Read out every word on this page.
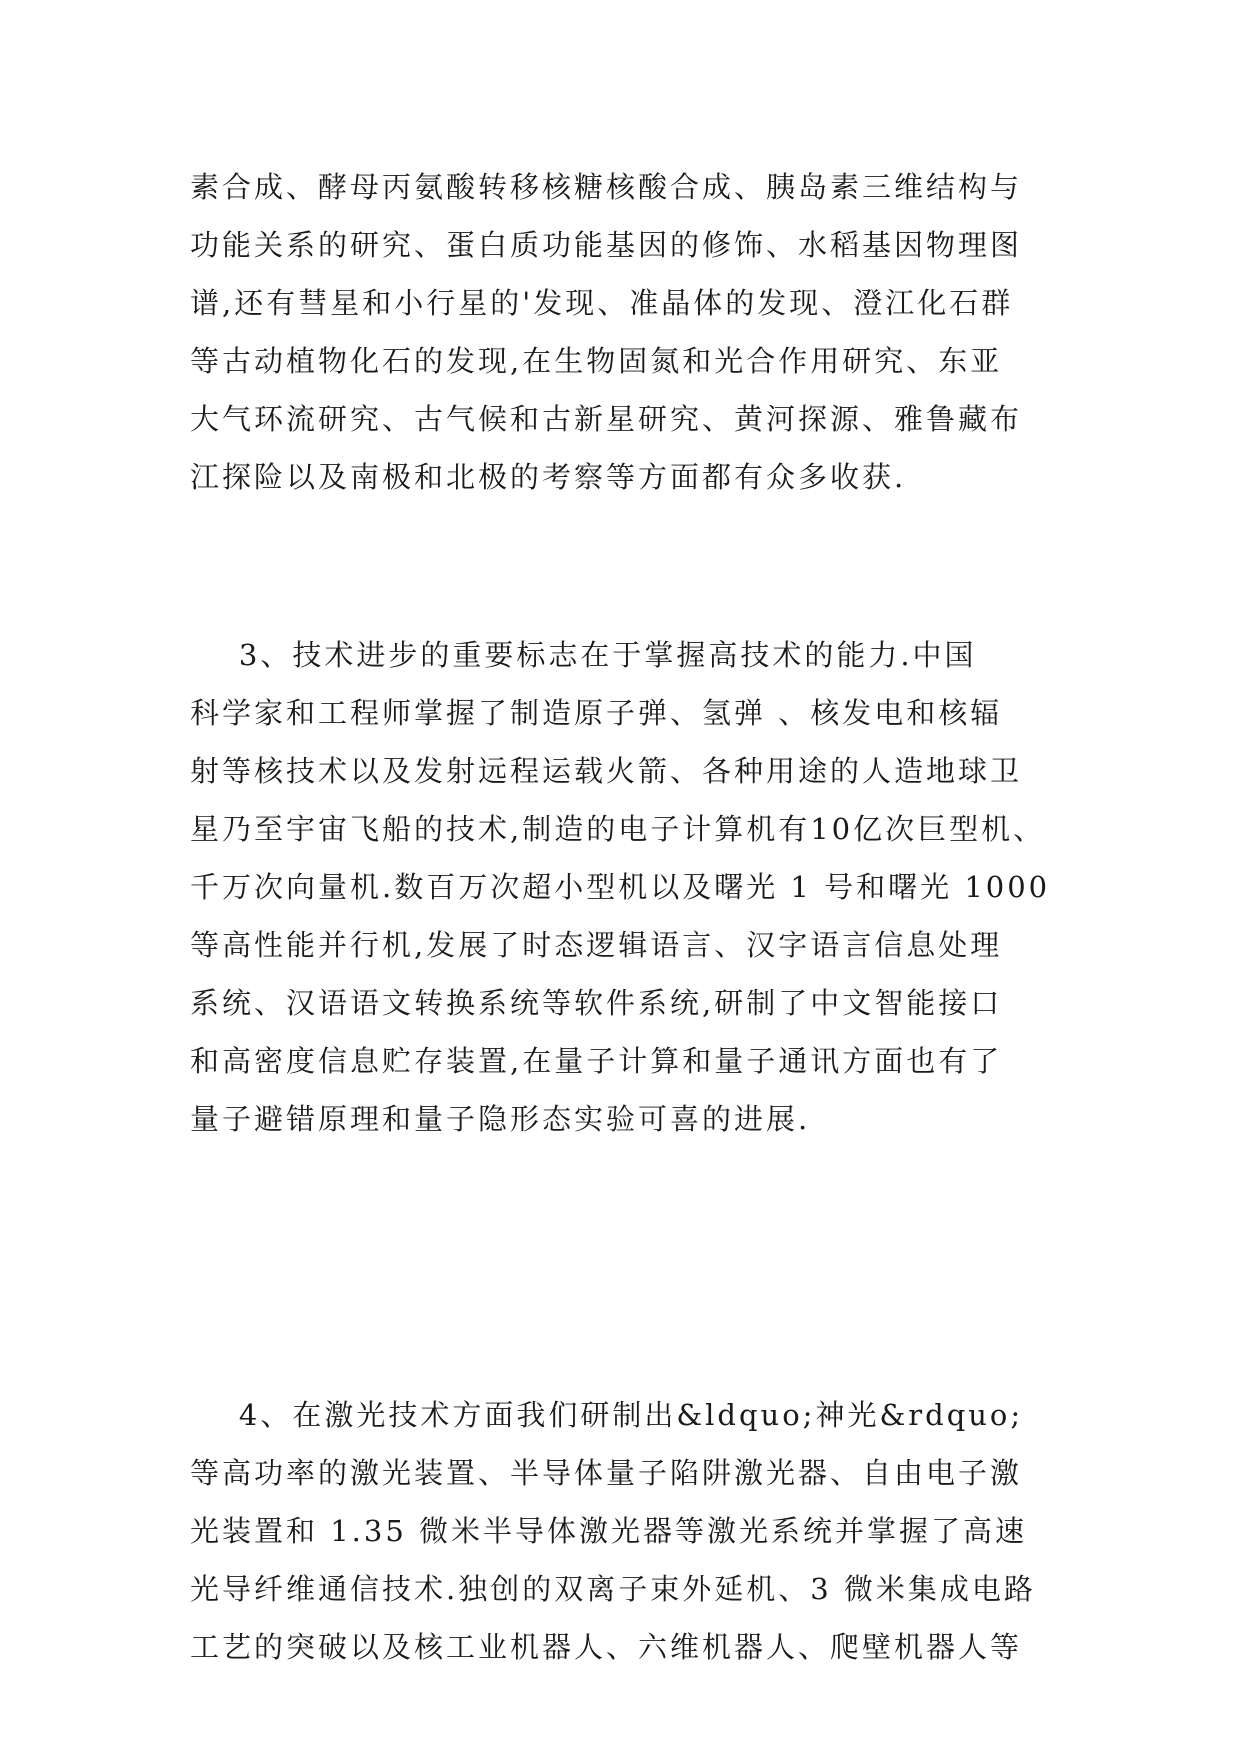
素合成、酵母丙氨酸转移核糖核酸合成、胰岛素三维结构与
功能关系的研究、蛋白质功能基因的修饰、水稻基因物理图
谱,还有彗星和小行星的'发现、准晶体的发现、澄江化石群
等古动植物化石的发现,在生物固氮和光合作用研究、东亚
大气环流研究、古气候和古新星研究、黄河探源、雅鲁藏布
江探险以及南极和北极的考察等方面都有众多收获.
3、技术进步的重要标志在于掌握高技术的能力.中国
科学家和工程师掌握了制造原子弹、氢弹 、核发电和核辐
射等核技术以及发射远程运载火箭、各种用途的人造地球卫
星乃至宇宙飞船的技术,制造的电子计算机有10亿次巨型机、
千万次向量机.数百万次超小型机以及曙光 1 号和曙光 1000
等高性能并行机,发展了时态逻辑语言、汉字语言信息处理
系统、汉语语文转换系统等软件系统,研制了中文智能接口
和高密度信息贮存装置,在量子计算和量子通讯方面也有了
量子避错原理和量子隐形态实验可喜的进展.
4、在激光技术方面我们研制出&ldquo;神光&rdquo;
等高功率的激光装置、半导体量子陷阱激光器、自由电子激
光装置和 1.35 微米半导体激光器等激光系统并掌握了高速
光导纤维通信技术.独创的双离子束外延机、3 微米集成电路
工艺的突破以及核工业机器人、六维机器人、爬壁机器人等
